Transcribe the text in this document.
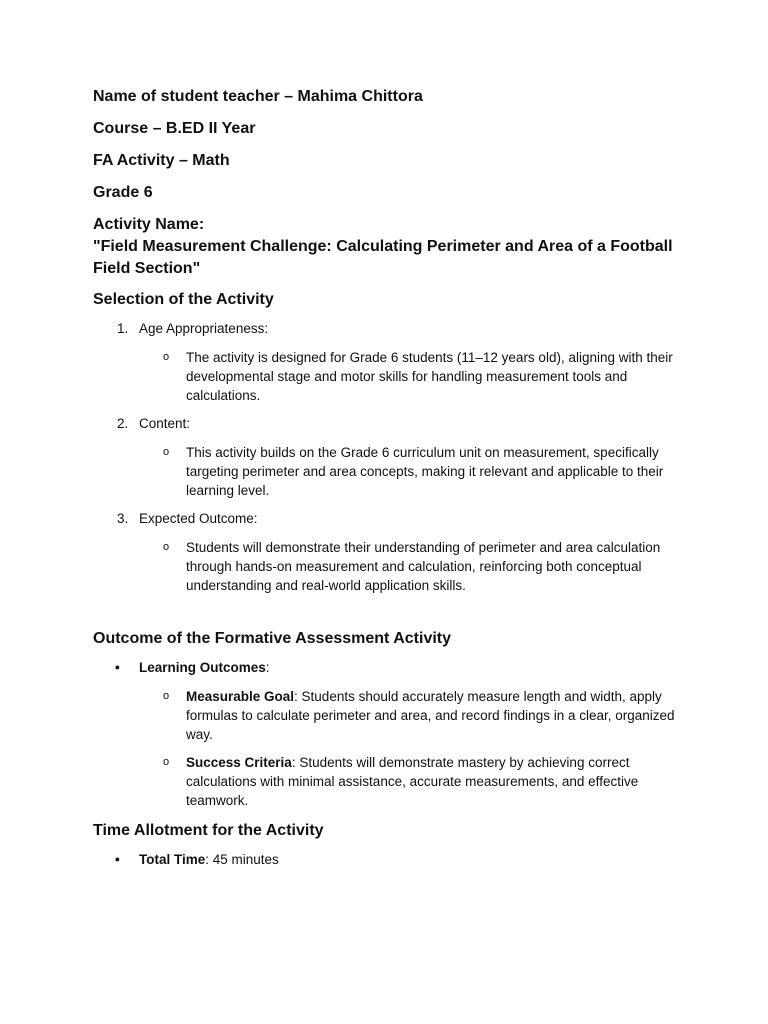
Name of student teacher – Mahima Chittora

Course – B.ED II Year

FA Activity – Math

Grade 6

Activity Name:
"Field Measurement Challenge: Calculating Perimeter and Area of a Football Field Section"
Selection of the Activity
1. Age Appropriateness:
o The activity is designed for Grade 6 students (11–12 years old), aligning with their developmental stage and motor skills for handling measurement tools and calculations.
2. Content:
o This activity builds on the Grade 6 curriculum unit on measurement, specifically targeting perimeter and area concepts, making it relevant and applicable to their learning level.
3. Expected Outcome:
o Students will demonstrate their understanding of perimeter and area calculation through hands-on measurement and calculation, reinforcing both conceptual understanding and real-world application skills.
Outcome of the Formative Assessment Activity
• Learning Outcomes:
o Measurable Goal: Students should accurately measure length and width, apply formulas to calculate perimeter and area, and record findings in a clear, organized way.
o Success Criteria: Students will demonstrate mastery by achieving correct calculations with minimal assistance, accurate measurements, and effective teamwork.
Time Allotment for the Activity
• Total Time: 45 minutes
